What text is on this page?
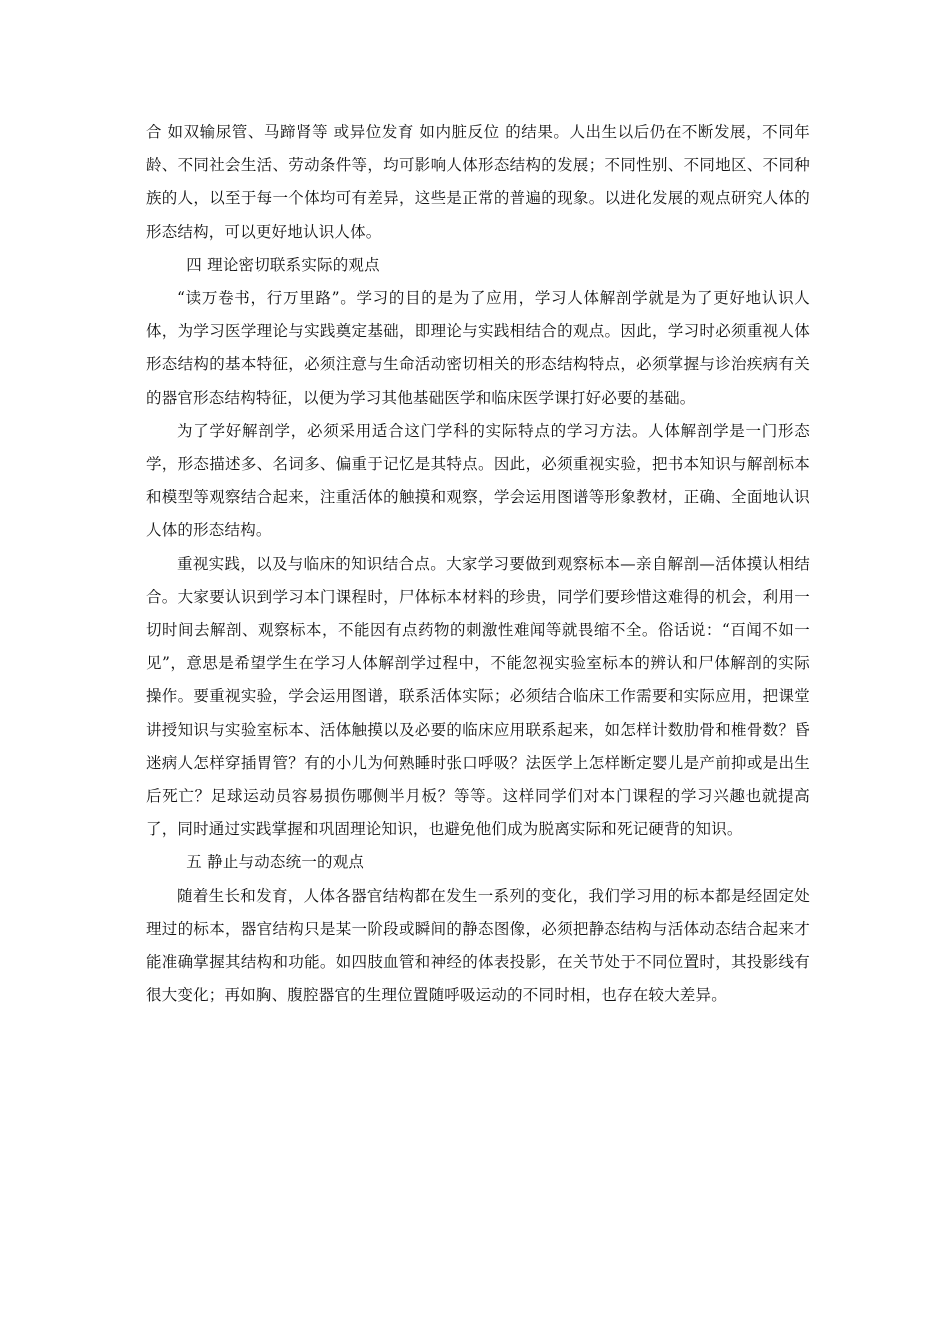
合 如双输尿管、马蹄肾等 或异位发育 如内脏反位 的结果。人出生以后仍在不断发展，不同年龄、不同社会生活、劳动条件等，均可影响人体形态结构的发展；不同性别、不同地区、不同种族的人，以至于每一个体均可有差异，这些是正常的普遍的现象。以进化发展的观点研究人体的形态结构，可以更好地认识人体。

四 理论密切联系实际的观点

“读万卷书，行万里路”。学习的目的是为了应用，学习人体解剖学就是为了更好地认识人体，为学习医学理论与实践奠定基础，即理论与实践相结合的观点。因此，学习时必须重视人体形态结构的基本特征，必须注意与生命活动密切相关的形态结构特点，必须掌握与诊治疾病有关的器官形态结构特征，以便为学习其他基础医学和临床医学课打好必要的基础。

为了学好解剖学，必须采用适合这门学科的实际特点的学习方法。人体解剖学是一门形态学，形态描述多、名词多、偏重于记忆是其特点。因此，必须重视实验，把书本知识与解剖标本和模型等观察结合起来，注重活体的触摸和观察，学会运用图谱等形象教材，正确、全面地认识人体的形态结构。

重视实践，以及与临床的知识结合点。大家学习要做到观察标本—亲自解剖—活体摸认相结合。大家要认识到学习本门课程时，尸体标本材料的珍贵，同学们要珍惜这难得的机会，利用一切时间去解剖、观察标本，不能因有点药物的刺激性难闻等就畏缩不全。俗话说：“百闻不如一见”，意思是希望学生在学习人体解剖学过程中，不能忽视实验室标本的辨认和尸体解剖的实际操作。要重视实验，学会运用图谱，联系活体实际；必须结合临床工作需要和实际应用，把课堂讲授知识与实验室标本、活体触摸以及必要的临床应用联系起来，如怎样计数肋骨和椎骨数？昏迷病人怎样穿插胃管？有的小儿为何熟睡时张口呼吸？法医学上怎样断定婴儿是产前抑或是出生后死亡？足球运动员容易损伤哪侧半月板？等等。这样同学们对本门课程的学习兴趣也就提高了，同时通过实践掌握和巩固理论知识，也避免他们成为脱离实际和死记硬背的知识。

五 静止与动态统一的观点

随着生长和发育，人体各器官结构都在发生一系列的变化，我们学习用的标本都是经固定处理过的标本，器官结构只是某一阶段或瞬间的静态图像，必须把静态结构与活体动态结合起来才能准确掌握其结构和功能。如四肢血管和神经的体表投影，在关节处于不同位置时，其投影线有很大变化；再如胸、腹腔器官的生理位置随呼吸运动的不同时相，也存在较大差异。
